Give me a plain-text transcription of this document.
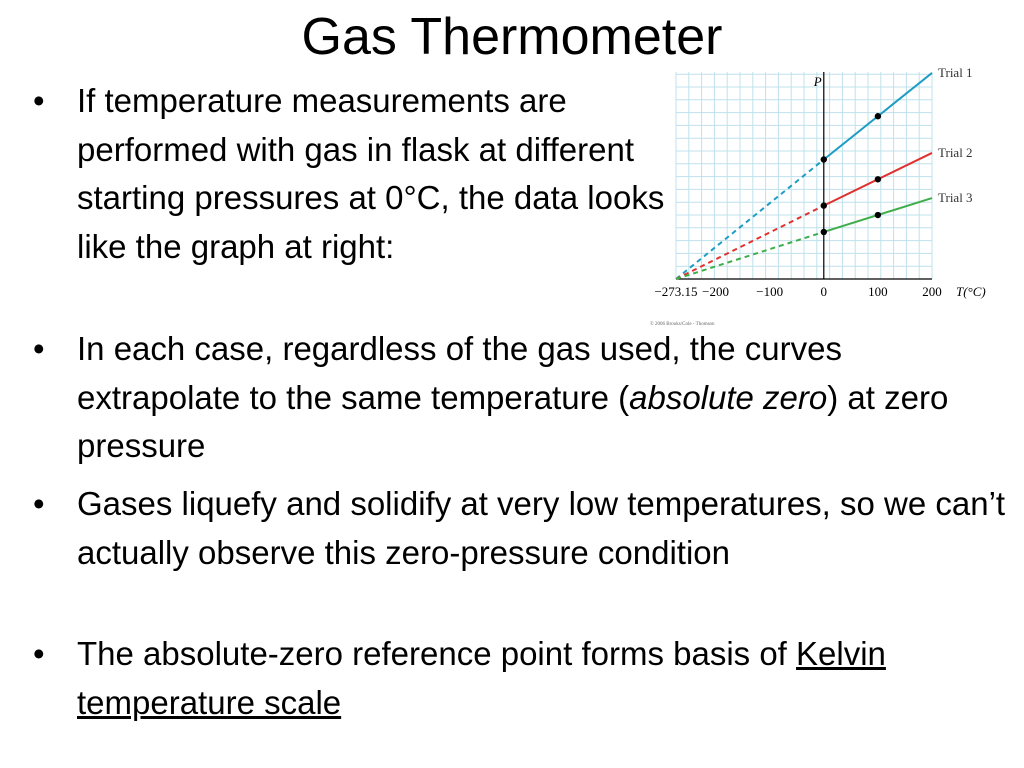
Gas Thermometer
• If temperature measurements are performed with gas in flask at different starting pressures at 0°C, the data looks like the graph at right:
• In each case, regardless of the gas used, the curves extrapolate to the same temperature (absolute zero) at zero pressure
• Gases liquefy and solidify at very low temperatures, so we can’t actually observe this zero-pressure condition
• The absolute-zero reference point forms basis of Kelvin temperature scale
Trial 1
Trial 2
Trial 3
−273.15 −200 −100	0	100	200 T(°C)
P
© 2006 Brooks/Cole - Thomson
